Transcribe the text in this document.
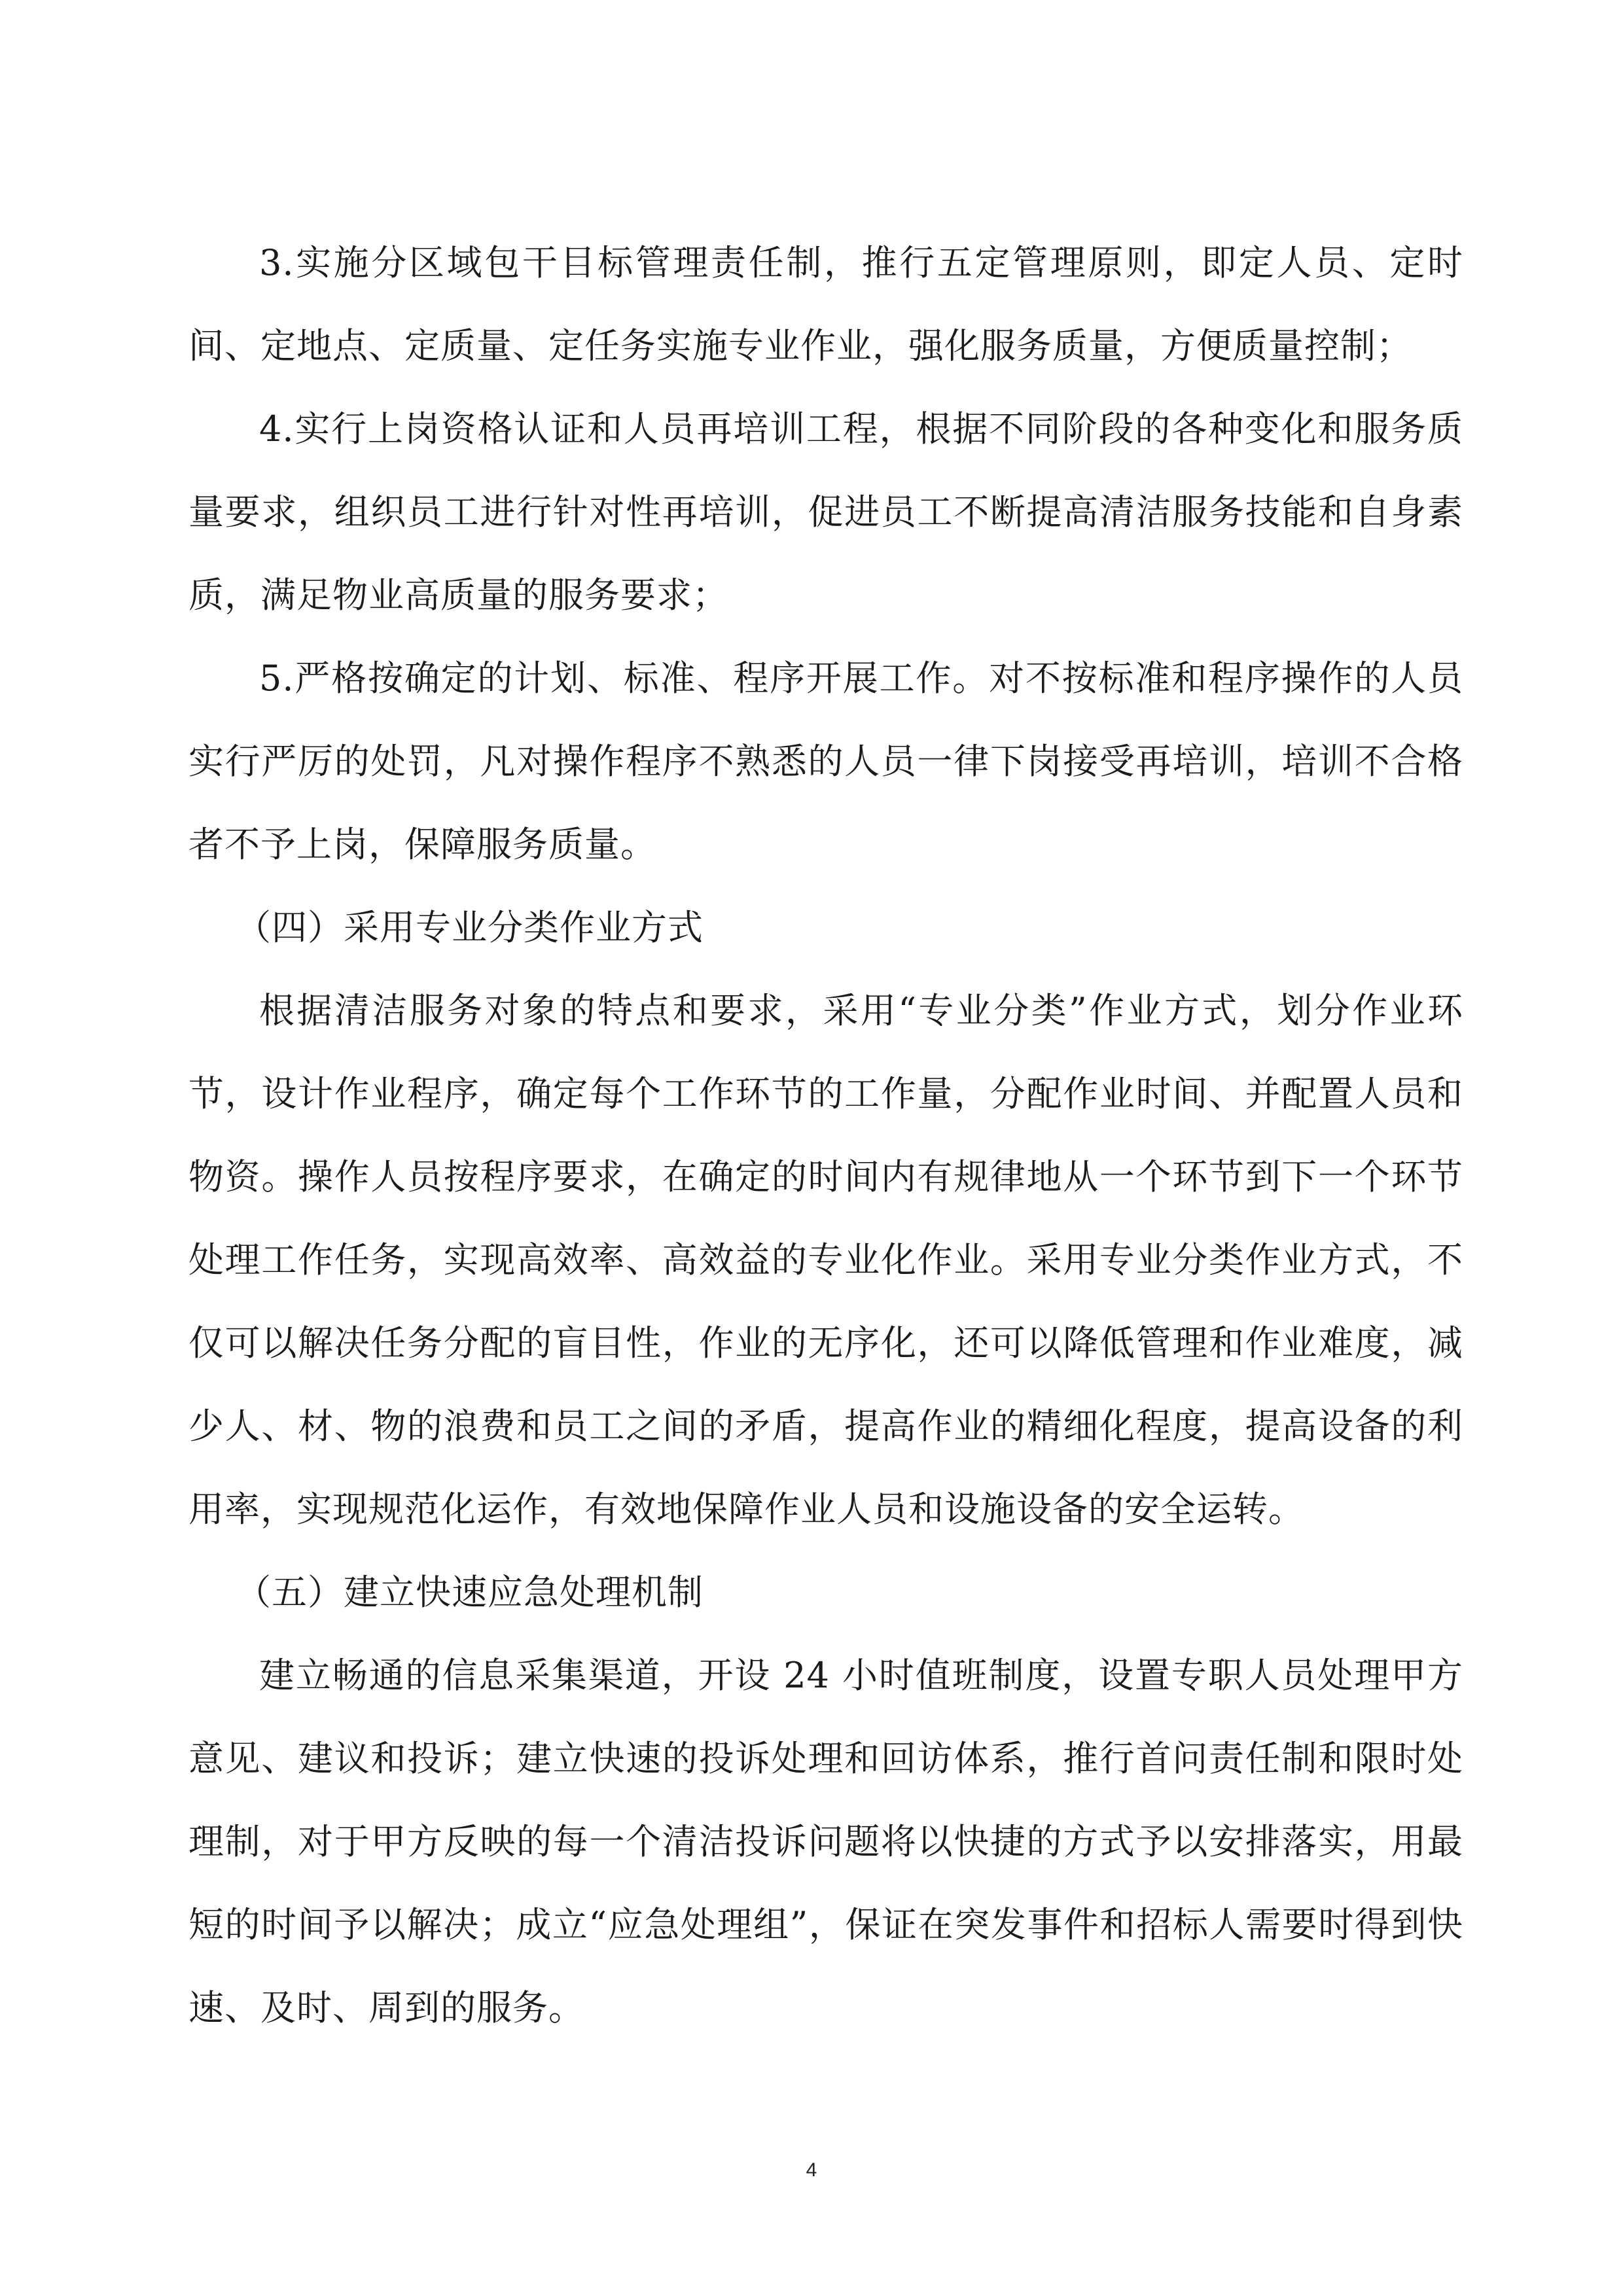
3.实施分区域包干目标管理责任制，推行五定管理原则，即定人员、定时间、定地点、定质量、定任务实施专业作业，强化服务质量，方便质量控制；

4.实行上岗资格认证和人员再培训工程，根据不同阶段的各种变化和服务质量要求，组织员工进行针对性再培训，促进员工不断提高清洁服务技能和自身素质，满足物业高质量的服务要求；

5.严格按确定的计划、标准、程序开展工作。对不按标准和程序操作的人员实行严厉的处罚，凡对操作程序不熟悉的人员一律下岗接受再培训，培训不合格者不予上岗，保障服务质量。

（四）采用专业分类作业方式

根据清洁服务对象的特点和要求，采用“专业分类”作业方式，划分作业环节，设计作业程序，确定每个工作环节的工作量，分配作业时间、并配置人员和物资。操作人员按程序要求，在确定的时间内有规律地从一个环节到下一个环节处理工作任务，实现高效率、高效益的专业化作业。采用专业分类作业方式，不仅可以解决任务分配的盲目性，作业的无序化，还可以降低管理和作业难度，减少人、材、物的浪费和员工之间的矛盾，提高作业的精细化程度，提高设备的利用率，实现规范化运作，有效地保障作业人员和设施设备的安全运转。

（五）建立快速应急处理机制

建立畅通的信息采集渠道，开设 24 小时值班制度，设置专职人员处理甲方意见、建议和投诉；建立快速的投诉处理和回访体系，推行首问责任制和限时处理制，对于甲方反映的每一个清洁投诉问题将以快捷的方式予以安排落实，用最短的时间予以解决；成立“应急处理组”，保证在突发事件和招标人需要时得到快速、及时、周到的服务。

4
